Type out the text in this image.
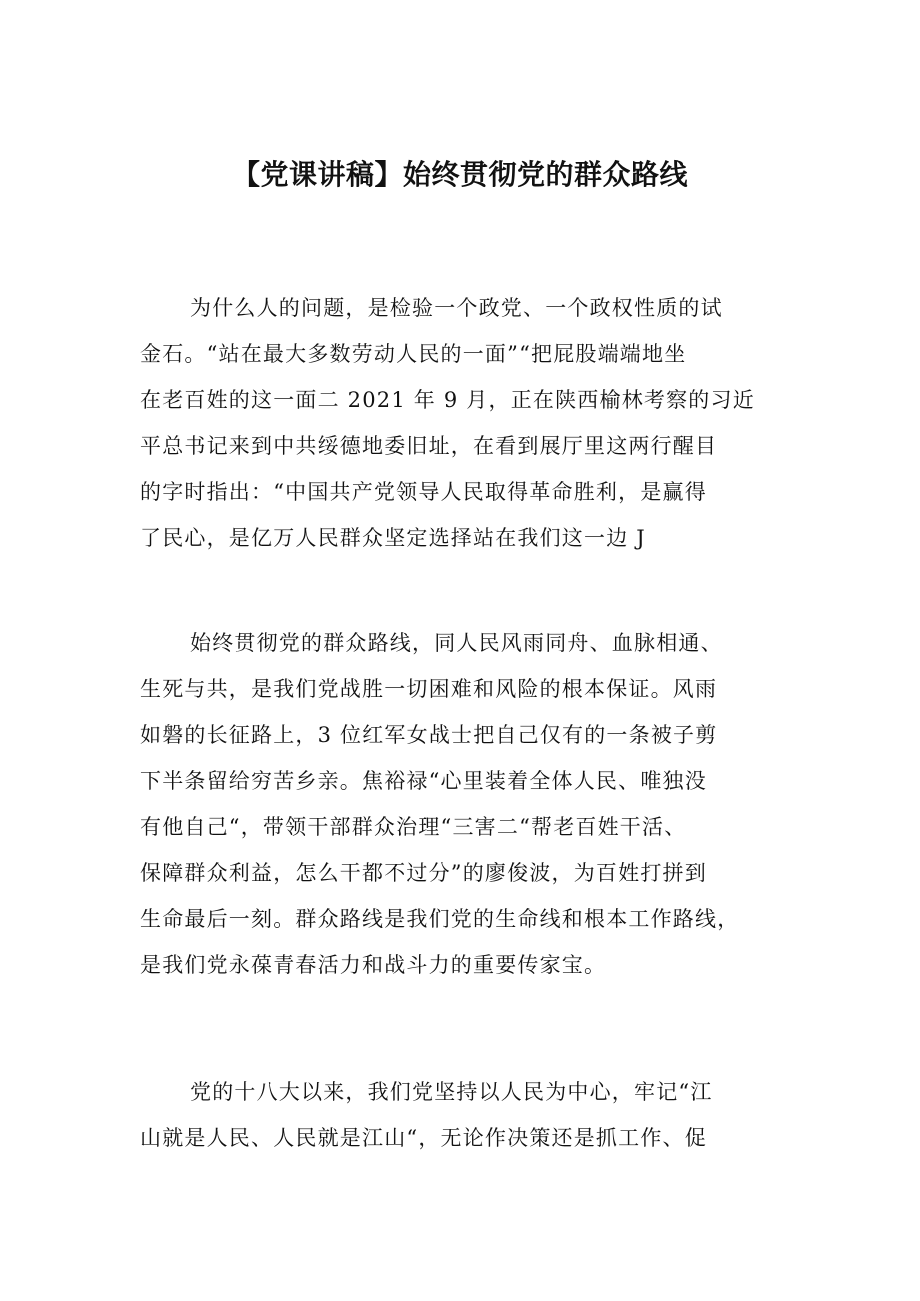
【党课讲稿】始终贯彻党的群众路线
为什么人的问题，是检验一个政党、一个政权性质的试
金石。“站在最大多数劳动人民的一面”“把屁股端端地坐
在老百姓的这一面二 2021 年 9 月，正在陕西榆林考察的习近
平总书记来到中共绥德地委旧址，在看到展厅里这两行醒目
的字时指出：“中国共产党领导人民取得革命胜利，是赢得
了民心，是亿万人民群众坚定选择站在我们这一边 J
始终贯彻党的群众路线，同人民风雨同舟、血脉相通、
生死与共，是我们党战胜一切困难和风险的根本保证。风雨
如磐的长征路上，3 位红军女战士把自己仅有的一条被子剪
下半条留给穷苦乡亲。焦裕禄“心里装着全体人民、唯独没
有他自己“，带领干部群众治理“三害二“帮老百姓干活、
保障群众利益，怎么干都不过分”的廖俊波，为百姓打拼到
生命最后一刻。群众路线是我们党的生命线和根本工作路线，
是我们党永葆青春活力和战斗力的重要传家宝。
党的十八大以来，我们党坚持以人民为中心，牢记“江
山就是人民、人民就是江山“，无论作决策还是抓工作、促
